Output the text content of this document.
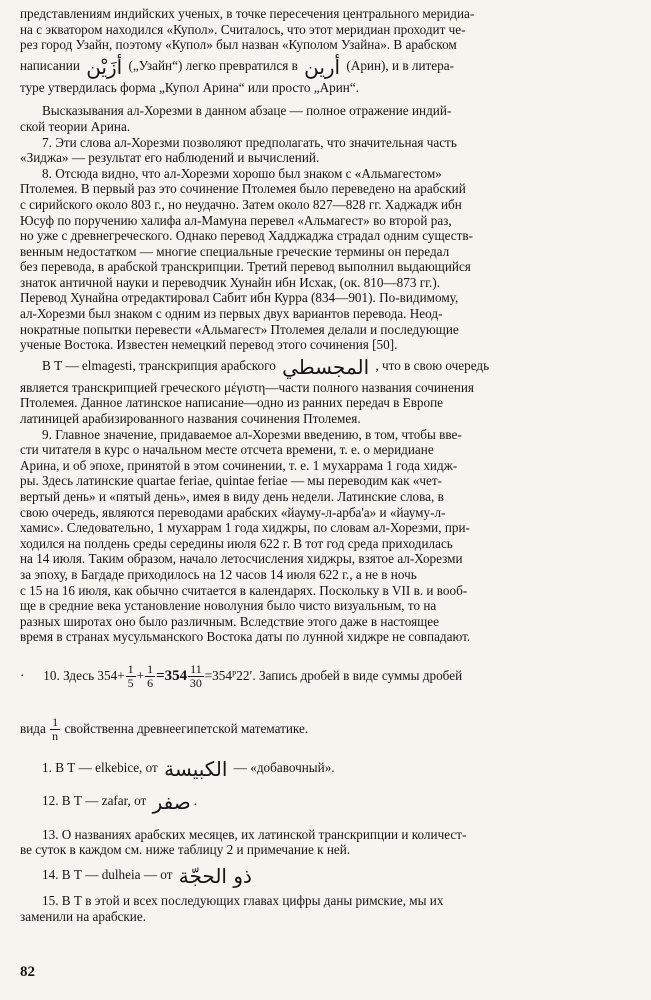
представлениям индийских ученых, в точке пересечения центрального меридиа-
на с экватором находился «Купол». Считалось, что этот меридиан проходит че-
рез город Узайн, поэтому «Купол» был назван «Куполом Узайна». В арабском
написании أُزَيْن („Узайн“) легко превратился в أرين (Арин), и в литера-
туре утвердилась форма „Купол Арина“ или просто „Арин“.
Высказывания ал-Хорезми в данном абзаце — полное отражение индий-
ской теории Арина.
7. Эти слова ал-Хорезми позволяют предполагать, что значительная часть
«Зиджа» — результат его наблюдений и вычислений.
8. Отсюда видно, что ал-Хорезми хорошо был знаком с «Альмагестом»
Птолемея. В первый раз это сочинение Птолемея было переведено на арабский
с сирийского около 803 г., но неудачно. Затем около 827—828 гг. Хаджадж ибн
Юсуф по поручению халифа ал-Мамуна перевел «Альмагест» во второй раз,
но уже с древнегреческого. Однако перевод Хадджаджа страдал одним существ-
венным недостатком — многие специальные греческие термины он передал
без перевода, в арабской транскрипции. Третий перевод выполнил выдающийся
знаток античной науки и переводчик Хунайн ибн Исхак, (ок. 810—873 гг.).
Перевод Хунайна отредактировал Сабит ибн Курра (834—901). По-видимому,
ал-Хорезми был знаком с одним из первых двух вариантов перевода. Неод-
нократные попытки перевести «Альмагест» Птолемея делали и последующие
ученые Востока. Известен немецкий перевод этого сочинения [50].
В Т — elmagesti, транскрипция арабского المجسطي , что в свою очередь
является транскрипцией греческого μέγιστη—части полного названия сочинения
Птолемея. Данное латинское написание—одно из ранних передач в Европе
латиницей арабизированного названия сочинения Птолемея.
9. Главное значение, придаваемое ал-Хорезми введению, в том, чтобы вве-
сти читателя в курс о начальном месте отсчета времени, т. е. о меридиане
Арина, и об эпохе, принятой в этом сочинении, т. е. 1 мухаррама 1 года хидж-
ры. Здесь латинские quartae feriae, quintae feriae — мы переводим как «чет-
вертый день» и «пятый день», имея в виду день недели. Латинские слова, в
свою очередь, являются переводами арабских «йауму-л-арба'а» и «йауму-л-
хамис». Следовательно, 1 мухаррам 1 года хиджры, по словам ал-Хорезми, при-
ходился на полдень среды середины июля 622 г. В тот год среда приходилась
на 14 июля. Таким образом, начало летосчисления хиджры, взятое ал-Хорезми
за эпоху, в Багдаде приходилось на 12 часов 14 июля 622 г., а не в ночь
с 15 на 16 июля, как обычно считается в календарях. Поскольку в VII в. и вооб-
ще в средние века установление новолуния было чисто визуальным, то на
разных широтах оно было различным. Вследствие этого даже в настоящее
время в странах мусульманского Востока даты по лунной хиджре не совпадают.
· 10. Здесь $354+ \frac{1}{5} + \frac{1}{6} =354 \frac{11}{30}$ =354ᴾ22′. Запись дробей в виде суммы дробей
вида $\frac{1}{n}$ свойственна древнеегипетской математике.
1. В Т — elkebice, от الكبيسة — «добавочный».
12. В Т — zafar, от صفر .
13. О названиях арабских месяцев, их латинской транскрипции и количест-
ве суток в каждом см. ниже таблицу 2 и примечание к ней.
14. В Т — dulheia — от ذو الحجّة
15. В Т в этой и всех последующих главах цифры даны римские, мы их
заменили на арабские.
82
